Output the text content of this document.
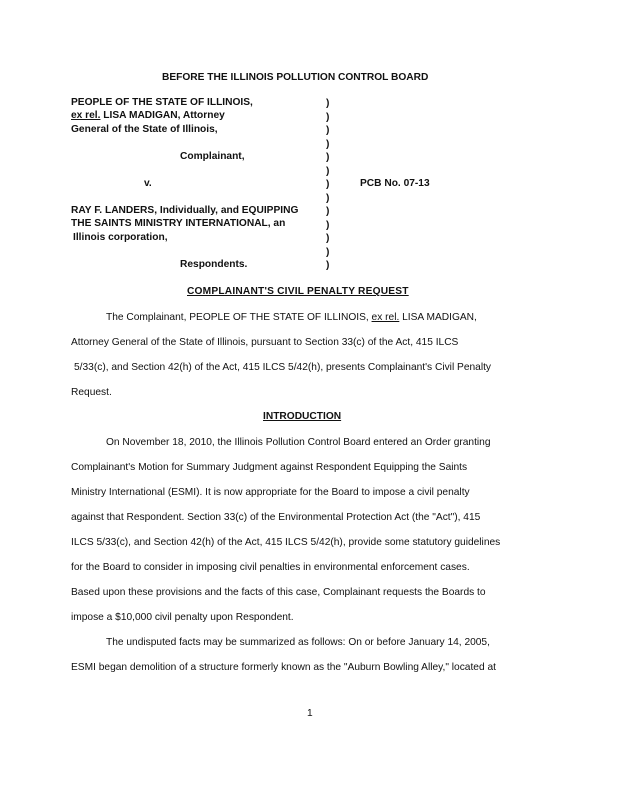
BEFORE THE ILLINOIS POLLUTION CONTROL BOARD
PEOPLE OF THE STATE OF ILLINOIS,
ex rel. LISA MADIGAN, Attorney
General of the State of Illinois,
Complainant,
v.	PCB No. 07-13
RAY F. LANDERS, Individually, and EQUIPPING
THE SAINTS MINISTRY INTERNATIONAL, an
Illinois corporation,
Respondents.
)
)
)
)
)
)
)
)
)
)
)
)
)
COMPLAINANT'S CIVIL PENALTY REQUEST
The Complainant, PEOPLE OF THE STATE OF ILLINOIS, ex rel. LISA MADIGAN,
Attorney General of the State of Illinois, pursuant to Section 33(c) of the Act, 415 ILCS
5/33(c), and Section 42(h) of the Act, 415 ILCS 5/42(h), presents Complainant's Civil Penalty
Request.
INTRODUCTION
On November 18, 2010, the Illinois Pollution Control Board entered an Order granting
Complainant's Motion for Summary Judgment against Respondent Equipping the Saints
Ministry International (ESMI). It is now appropriate for the Board to impose a civil penalty
against that Respondent. Section 33(c) of the Environmental Protection Act (the "Act"), 415
ILCS 5/33(c), and Section 42(h) of the Act, 415 ILCS 5/42(h), provide some statutory guidelines
for the Board to consider in imposing civil penalties in environmental enforcement cases.
Based upon these provisions and the facts of this case, Complainant requests the Boards to
impose a $10,000 civil penalty upon Respondent.
The undisputed facts may be summarized as follows: On or before January 14, 2005,
ESMI began demolition of a structure formerly known as the "Auburn Bowling Alley," located at
1
